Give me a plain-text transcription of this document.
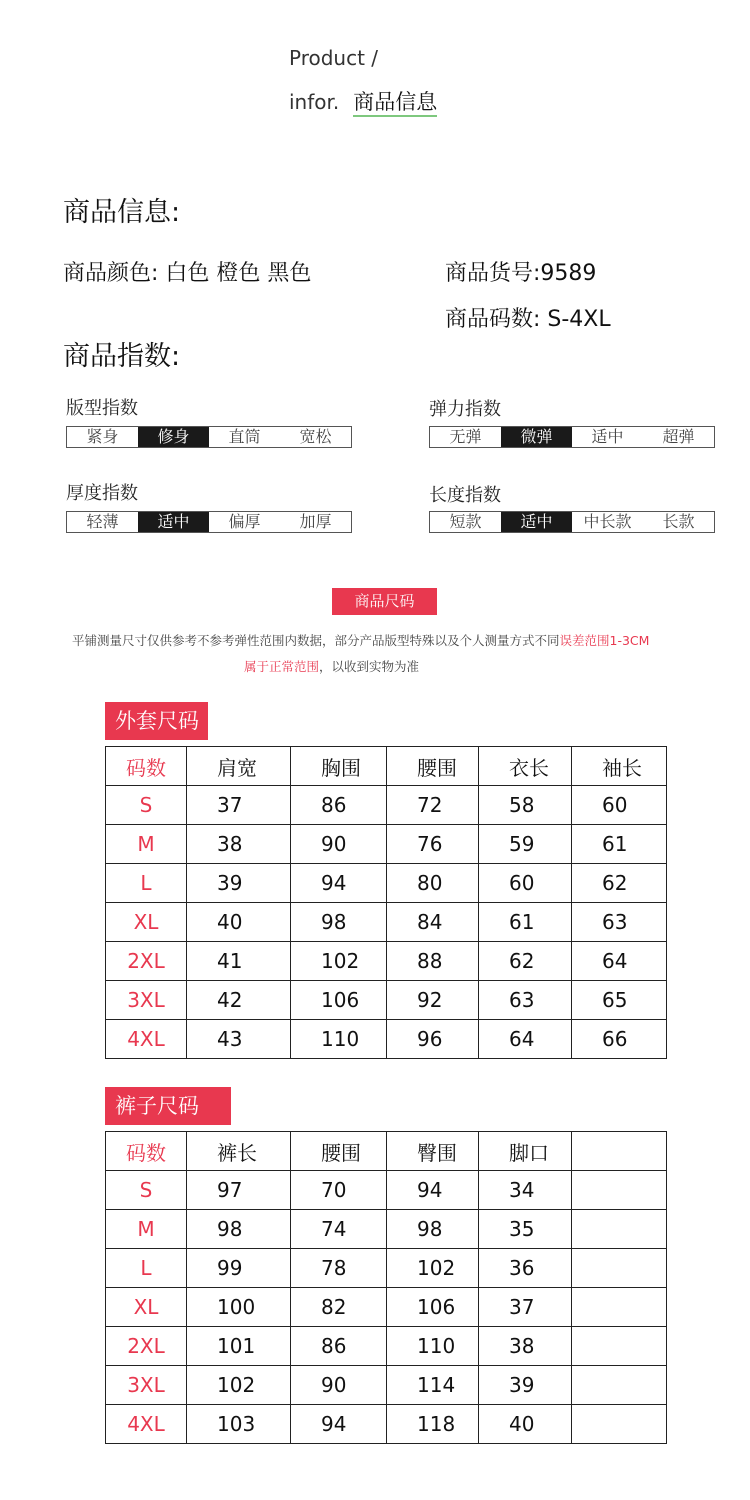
Product /
infor. 商品信息
商品信息:
商品颜色: 白色 橙色 黑色	商品货号:9589
商品码数: S-4XL
商品指数:
版型指数
紧身	修身	直筒	宽松
弹力指数
无弹	微弹	适中	超弹
厚度指数
轻薄	适中	偏厚	加厚
长度指数
短款	适中	中长款	长款
商品尺码
平铺测量尺寸仅供参考不参考弹性范围内数据，部分产品版型特殊以及个人测量方式不同误差范围1-3CM
属于正常范围，以收到实物为准
外套尺码
码数	肩宽	胸围	腰围	衣长	袖长
S	37	86	72	58	60
M	38	90	76	59	61
L	39	94	80	60	62
XL	40	98	84	61	63
2XL	41	102	88	62	64
3XL	42	106	92	63	65
4XL	43	110	96	64	66
裤子尺码
码数	裤长	腰围	臀围	脚口	
S	97	70	94	34	
M	98	74	98	35	
L	99	78	102	36	
XL	100	82	106	37	
2XL	101	86	110	38	
3XL	102	90	114	39	
4XL	103	94	118	40	
